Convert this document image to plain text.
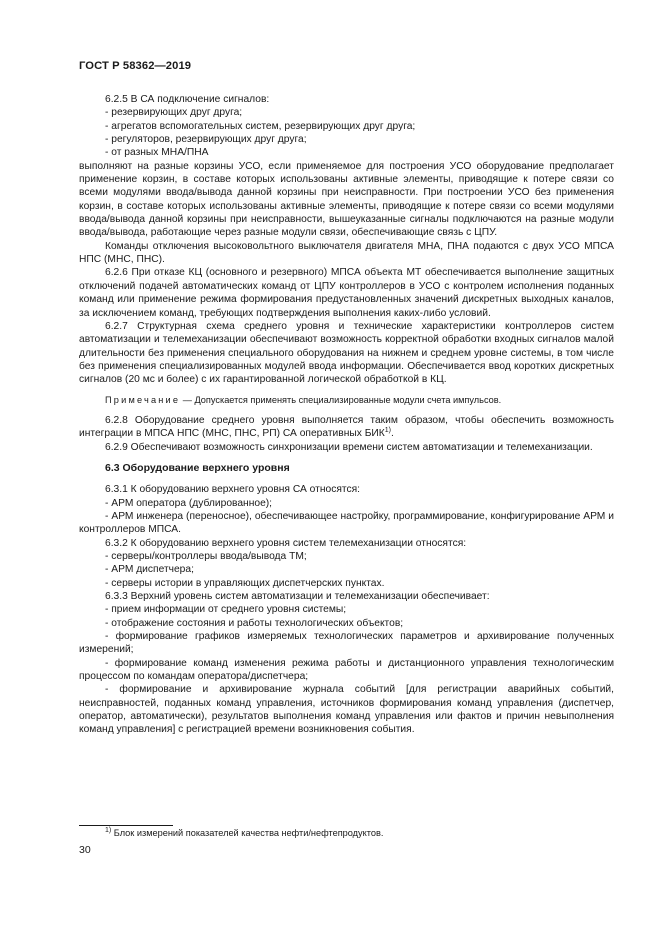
ГОСТ Р 58362—2019
6.2.5 В СА подключение сигналов:
- резервирующих друг друга;
- агрегатов вспомогательных систем, резервирующих друг друга;
- регуляторов, резервирующих друг друга;
- от разных МНА/ПНА
выполняют на разные корзины УСО, если применяемое для построения УСО оборудование предполагает применение корзин, в составе которых использованы активные элементы, приводящие к потере связи со всеми модулями ввода/вывода данной корзины при неисправности. При построении УСО без применения корзин, в составе которых использованы активные элементы, приводящие к потере связи со всеми модулями ввода/вывода данной корзины при неисправности, вышеуказанные сигналы подключаются на разные модули ввода/вывода, работающие через разные модули связи, обеспечивающие связь с ЦПУ.
Команды отключения высоковольтного выключателя двигателя МНА, ПНА подаются с двух УСО МПСА НПС (МНС, ПНС).
6.2.6 При отказе КЦ (основного и резервного) МПСА объекта МТ обеспечивается выполнение защитных отключений подачей автоматических команд от ЦПУ контроллеров в УСО с контролем исполнения поданных команд или применение режима формирования предустановленных значений дискретных выходных каналов, за исключением команд, требующих подтверждения выполнения каких-либо условий.
6.2.7 Структурная схема среднего уровня и технические характеристики контроллеров систем автоматизации и телемеханизации обеспечивают возможность корректной обработки входных сигналов малой длительности без применения специального оборудования на нижнем и среднем уровне системы, в том числе без применения специализированных модулей ввода информации. Обеспечивается ввод коротких дискретных сигналов (20 мс и более) с их гарантированной логической обработкой в КЦ.
Примечание — Допускается применять специализированные модули счета импульсов.
6.2.8 Оборудование среднего уровня выполняется таким образом, чтобы обеспечить возможность интеграции в МПСА НПС (МНС, ПНС, РП) СА оперативных БИК$^{1)}$.
6.2.9 Обеспечивают возможность синхронизации времени систем автоматизации и телемеханизации.
6.3 Оборудование верхнего уровня
6.3.1 К оборудованию верхнего уровня СА относятся:
- АРМ оператора (дублированное);
- АРМ инженера (переносное), обеспечивающее настройку, программирование, конфигурирование АРМ и контроллеров МПСА.
6.3.2 К оборудованию верхнего уровня систем телемеханизации относятся:
- серверы/контроллеры ввода/вывода ТМ;
- АРМ диспетчера;
- серверы истории в управляющих диспетчерских пунктах.
6.3.3 Верхний уровень систем автоматизации и телемеханизации обеспечивает:
- прием информации от среднего уровня системы;
- отображение состояния и работы технологических объектов;
- формирование графиков измеряемых технологических параметров и архивирование полученных измерений;
- формирование команд изменения режима работы и дистанционного управления технологическим процессом по командам оператора/диспетчера;
- формирование и архивирование журнала событий [для регистрации аварийных событий, неисправностей, поданных команд управления, источников формирования команд управления (диспетчер, оператор, автоматически), результатов выполнения команд управления или фактов и причин невыполнения команд управления] с регистрацией времени возникновения события.
$^{1)}$ Блок измерений показателей качества нефти/нефтепродуктов.
30
